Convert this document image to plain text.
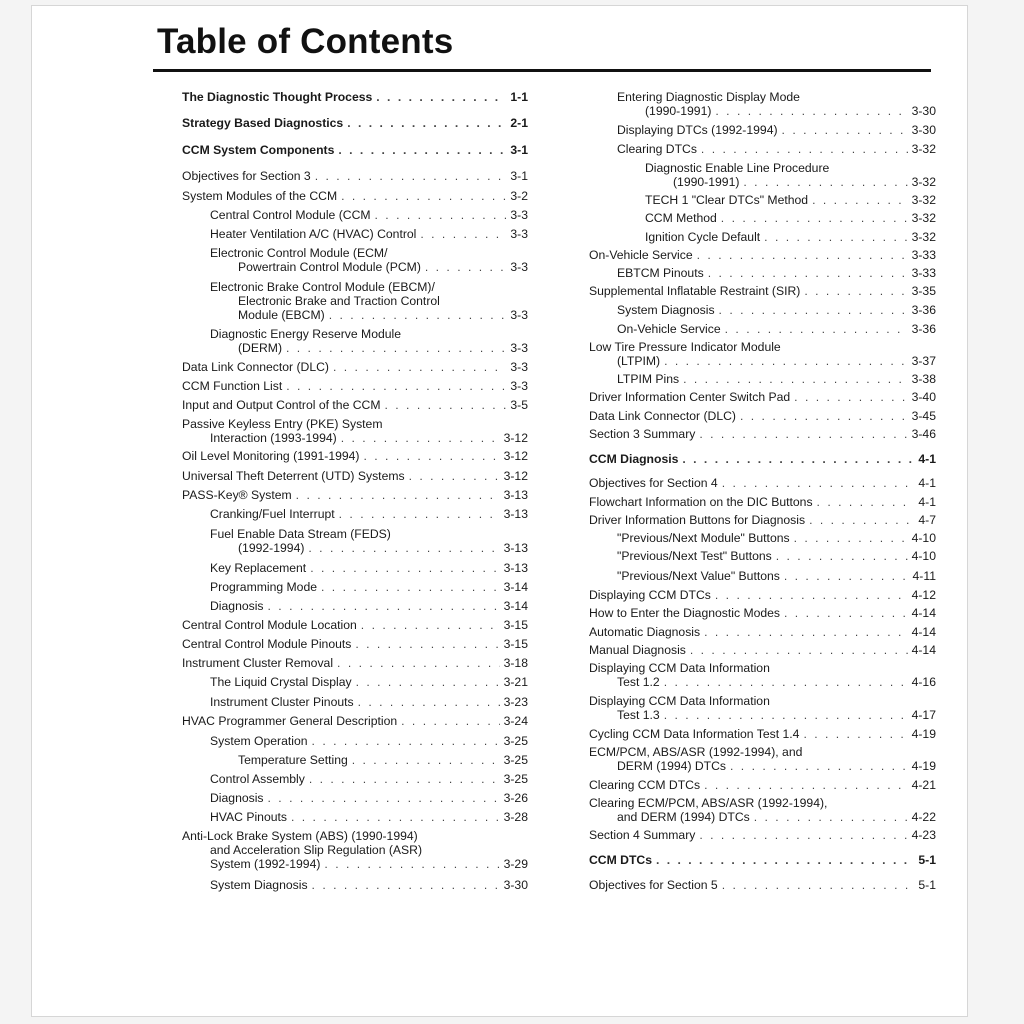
Table of Contents
The Diagnostic Thought Process . . .	1-1
Strategy Based Diagnostics . . .	2-1
CCM System Components . . .	3-1
Objectives for Section 3 . . .	3-1
System Modules of the CCM . . .	3-2
Central Control Module (CCM . . .	3-3
Heater Ventilation A/C (HVAC) Control . . .	3-3
Electronic Control Module (ECM/
Powertrain Control Module (PCM) . . .	3-3
Electronic Brake Control Module (EBCM)/
Electronic Brake and Traction Control
Module (EBCM) . . .	3-3
Diagnostic Energy Reserve Module
(DERM) . . .	3-3
Data Link Connector (DLC) . . .	3-3
CCM Function List . . .	3-3
Input and Output Control of the CCM . . .	3-5
Passive Keyless Entry (PKE) System
Interaction (1993-1994) . . .	3-12
Oil Level Monitoring (1991-1994) . . .	3-12
Universal Theft Deterrent (UTD) Systems . . .	3-12
PASS-Key® System . . .	3-13
Cranking/Fuel Interrupt . . .	3-13
Fuel Enable Data Stream (FEDS)
(1992-1994) . . .	3-13
Key Replacement . . .	3-13
Programming Mode . . .	3-14
Diagnosis . . .	3-14
Central Control Module Location . . .	3-15
Central Control Module Pinouts . . .	3-15
Instrument Cluster Removal . . .	3-18
The Liquid Crystal Display . . .	3-21
Instrument Cluster Pinouts . . .	3-23
HVAC Programmer General Description . . .	3-24
System Operation . . .	3-25
Temperature Setting . . .	3-25
Control Assembly . . .	3-25
Diagnosis . . .	3-26
HVAC Pinouts . . .	3-28
Anti-Lock Brake System (ABS) (1990-1994)
and Acceleration Slip Regulation (ASR)
System (1992-1994) . . .	3-29
System Diagnosis . . .	3-30
Entering Diagnostic Display Mode
(1990-1991) . . .	3-30
Displaying DTCs (1992-1994) . . .	3-30
Clearing DTCs . . .	3-32
Diagnostic Enable Line Procedure
(1990-1991) . . .	3-32
TECH 1 "Clear DTCs" Method . . .	3-32
CCM Method . . .	3-32
Ignition Cycle Default . . .	3-32
On-Vehicle Service . . .	3-33
EBTCM Pinouts . . .	3-33
Supplemental Inflatable Restraint (SIR) . . .	3-35
System Diagnosis . . .	3-36
On-Vehicle Service . . .	3-36
Low Tire Pressure Indicator Module
(LTPIM) . . .	3-37
LTPIM Pins . . .	3-38
Driver Information Center Switch Pad . . .	3-40
Data Link Connector (DLC) . . .	3-45
Section 3 Summary . . .	3-46
CCM Diagnosis . . .	4-1
Objectives for Section 4 . . .	4-1
Flowchart Information on the DIC Buttons . . .	4-1
Driver Information Buttons for Diagnosis . . .	4-7
"Previous/Next Module" Buttons . . .	4-10
"Previous/Next Test" Buttons . . .	4-10
"Previous/Next Value" Buttons . . .	4-11
Displaying CCM DTCs . . .	4-12
How to Enter the Diagnostic Modes . . .	4-14
Automatic Diagnosis . . .	4-14
Manual Diagnosis . . .	4-14
Displaying CCM Data Information
Test 1.2 . . .	4-16
Displaying CCM Data Information
Test 1.3 . . .	4-17
Cycling CCM Data Information Test 1.4 . . .	4-19
ECM/PCM, ABS/ASR (1992-1994), and
DERM (1994) DTCs . . .	4-19
Clearing CCM DTCs . . .	4-21
Clearing ECM/PCM, ABS/ASR (1992-1994),
and DERM (1994) DTCs . . .	4-22
Section 4 Summary . . .	4-23
CCM DTCs . . .	5-1
Objectives for Section 5 . . .	5-1
